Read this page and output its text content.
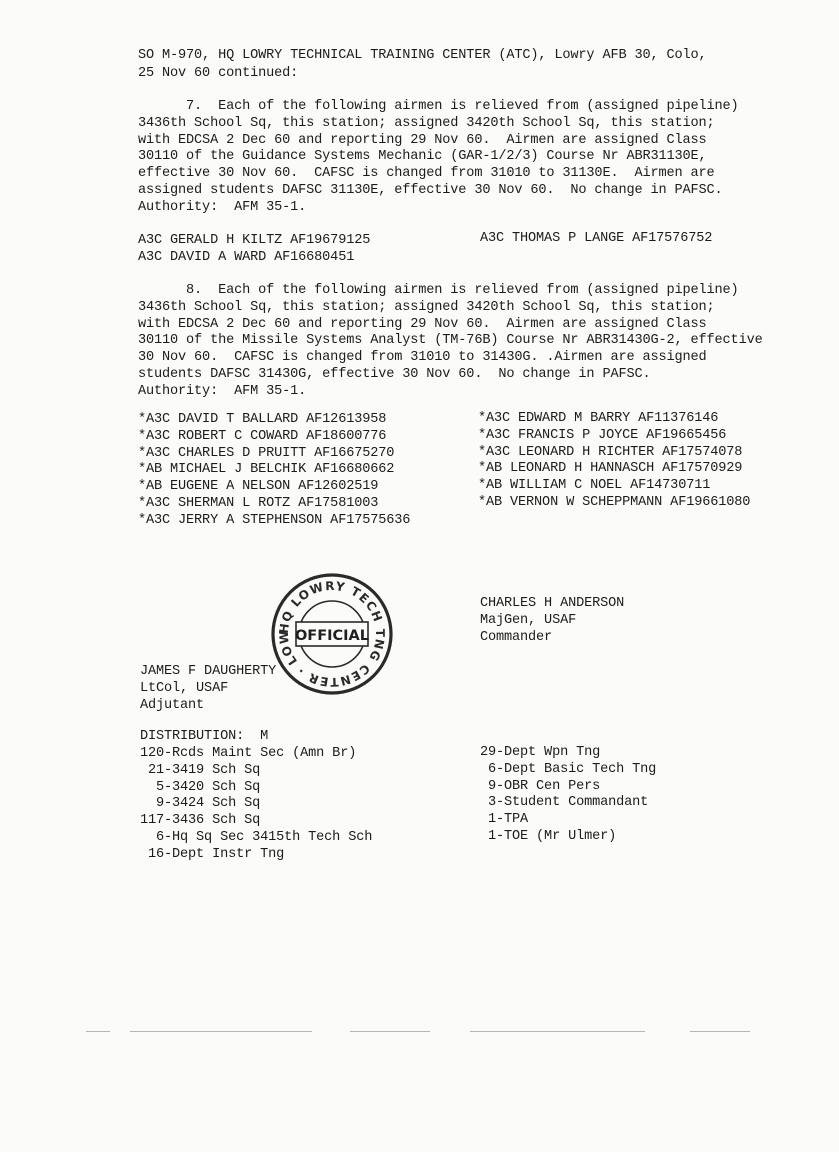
SO M-970, HQ LOWRY TECHNICAL TRAINING CENTER (ATC), Lowry AFB 30, Colo,
25 Nov 60 continued:
7.  Each of the following airmen is relieved from (assigned pipeline)
3436th School Sq, this station; assigned 3420th School Sq, this station;
with EDCSA 2 Dec 60 and reporting 29 Nov 60.  Airmen are assigned Class
30110 of the Guidance Systems Mechanic (GAR-1/2/3) Course Nr ABR31130E,
effective 30 Nov 60.  CAFSC is changed from 31010 to 31130E.  Airmen are
assigned students DAFSC 31130E, effective 30 Nov 60.  No change in PAFSC.
Authority:  AFM 35-1.
A3C GERALD H KILTZ AF19679125
A3C DAVID A WARD AF16680451
A3C THOMAS P LANGE AF17576752
8.  Each of the following airmen is relieved from (assigned pipeline)
3436th School Sq, this station; assigned 3420th School Sq, this station;
with EDCSA 2 Dec 60 and reporting 29 Nov 60.  Airmen are assigned Class
30110 of the Missile Systems Analyst (TM-76B) Course Nr ABR31430G-2, effective
30 Nov 60.  CAFSC is changed from 31010 to 31430G. .Airmen are assigned
students DAFSC 31430G, effective 30 Nov 60.  No change in PAFSC.
Authority:  AFM 35-1.
*A3C DAVID T BALLARD AF12613958
*A3C ROBERT C COWARD AF18600776
*A3C CHARLES D PRUITT AF16675270
*AB MICHAEL J BELCHIK AF16680662
*AB EUGENE A NELSON AF12602519
*A3C SHERMAN L ROTZ AF17581003
*A3C JERRY A STEPHENSON AF17575636
*A3C EDWARD M BARRY AF11376146
*A3C FRANCIS P JOYCE AF19665456
*A3C LEONARD H RICHTER AF17574078
*AB LEONARD H HANNASCH AF17570929
*AB WILLIAM C NOEL AF14730711
*AB VERNON W SCHEPPMANN AF19661080
CHARLES H ANDERSON
MajGen, USAF
Commander
JAMES F DAUGHERTY
LtCol, USAF
Adjutant
HQ LOWRY TECH TNG CENTER · LOW OFFICIAL
DISTRIBUTION:  M
120-Rcds Maint Sec (Amn Br)
21-3419 Sch Sq
5-3420 Sch Sq
9-3424 Sch Sq
117-3436 Sch Sq
6-Hq Sq Sec 3415th Tech Sch
16-Dept Instr Tng
29-Dept Wpn Tng
6-Dept Basic Tech Tng
9-OBR Cen Pers
3-Student Commandant
1-TPA
1-TOE (Mr Ulmer)
